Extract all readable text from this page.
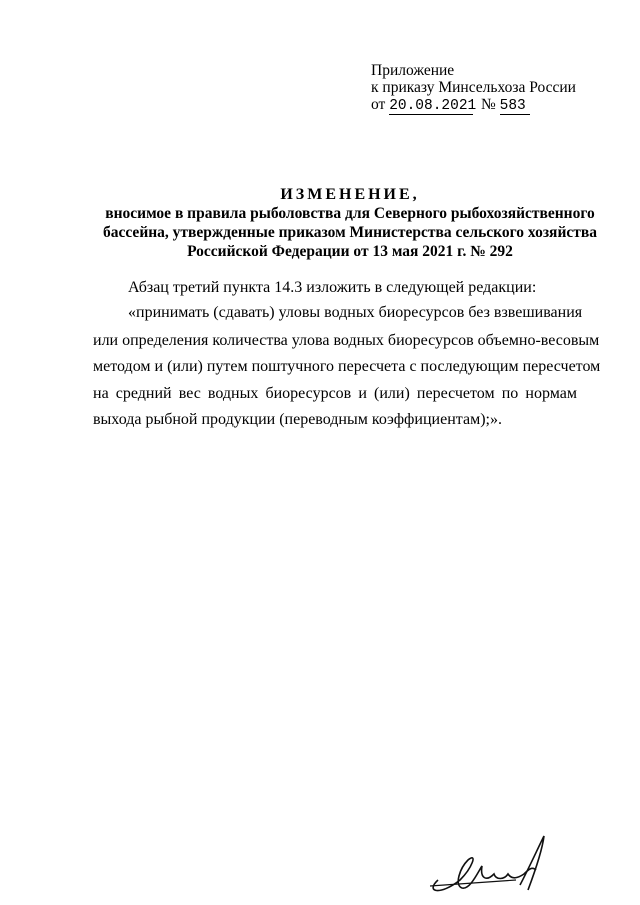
Приложение
к приказу Минсельхоза России
от 20.08.2021 № 583
ИЗМЕНЕНИЕ,
вносимое в правила рыболовства для Северного рыбохозяйственного
бассейна, утвержденные приказом Министерства сельского хозяйства
Российской Федерации от 13 мая 2021 г. № 292
Абзац третий пункта 14.3 изложить в следующей редакции:
«принимать (сдавать) уловы водных биоресурсов без взвешивания
или определения количества улова водных биоресурсов объемно-весовым
методом и (или) путем поштучного пересчета с последующим пересчетом
на средний вес водных биоресурсов и (или) пересчетом по нормам
выхода рыбной продукции (переводным коэффициентам);».
